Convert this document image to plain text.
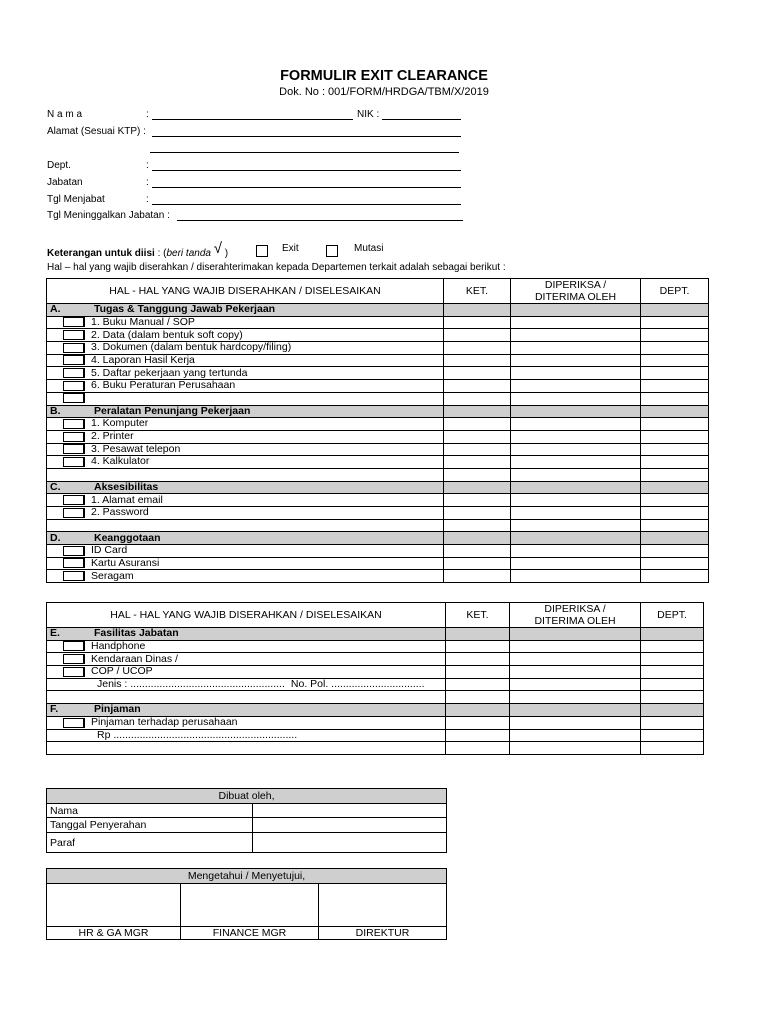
FORMULIR EXIT CLEARANCE
Dok. No : 001/FORM/HRDGA/TBM/X/2019
N a m a	:	NIK :
Alamat (Sesuai KTP) :
Dept.	:
Jabatan	:
Tgl Menjabat	:
Tgl Meninggalkan Jabatan :
Keterangan untuk diisi : (beri tanda √ )	Exit	Mutasi
Hal – hal yang wajib diserahkan / diserahterimakan kepada Departemen terkait adalah sebagai berikut :
HAL - HAL YANG WAJIB DISERAHKAN / DISELESAIKAN	KET.	DIPERIKSA /
DITERIMA OLEH	DEPT.
A. Tugas & Tanggung Jawab Pekerjaan			
1. Buku Manual / SOP			
2. Data (dalam bentuk soft copy)			
3. Dokumen (dalam bentuk hardcopy/filing)			
4. Laporan Hasil Kerja			
5. Daftar pekerjaan yang tertunda			
6. Buku Peraturan Perusahaan			

B. Peralatan Penunjang Pekerjaan			
1. Komputer			
2. Printer			
3. Pesawat telepon			
4. Kalkulator			

C. Aksesibilitas			
1. Alamat email			
2. Password			

D. Keanggotaan			
ID Card			
Kartu Asuransi			
Seragam			
HAL - HAL YANG WAJIB DISERAHKAN / DISELESAIKAN	KET.	DIPERIKSA /
DITERIMA OLEH	DEPT.
E. Fasilitas Jabatan			
Handphone			
Kendaraan Dinas /			
COP / UCOP			
Jenis : ..................................................... No. Pol. ................................			

F. Pinjaman			
Pinjaman terhadap perusahaan			
Rp ...............................................................			

Dibuat oleh,	
Nama	
Tanggal Penyerahan	
Paraf	
Mengetahui / Menyetujui,		

HR & GA MGR	FINANCE MGR	DIREKTUR
